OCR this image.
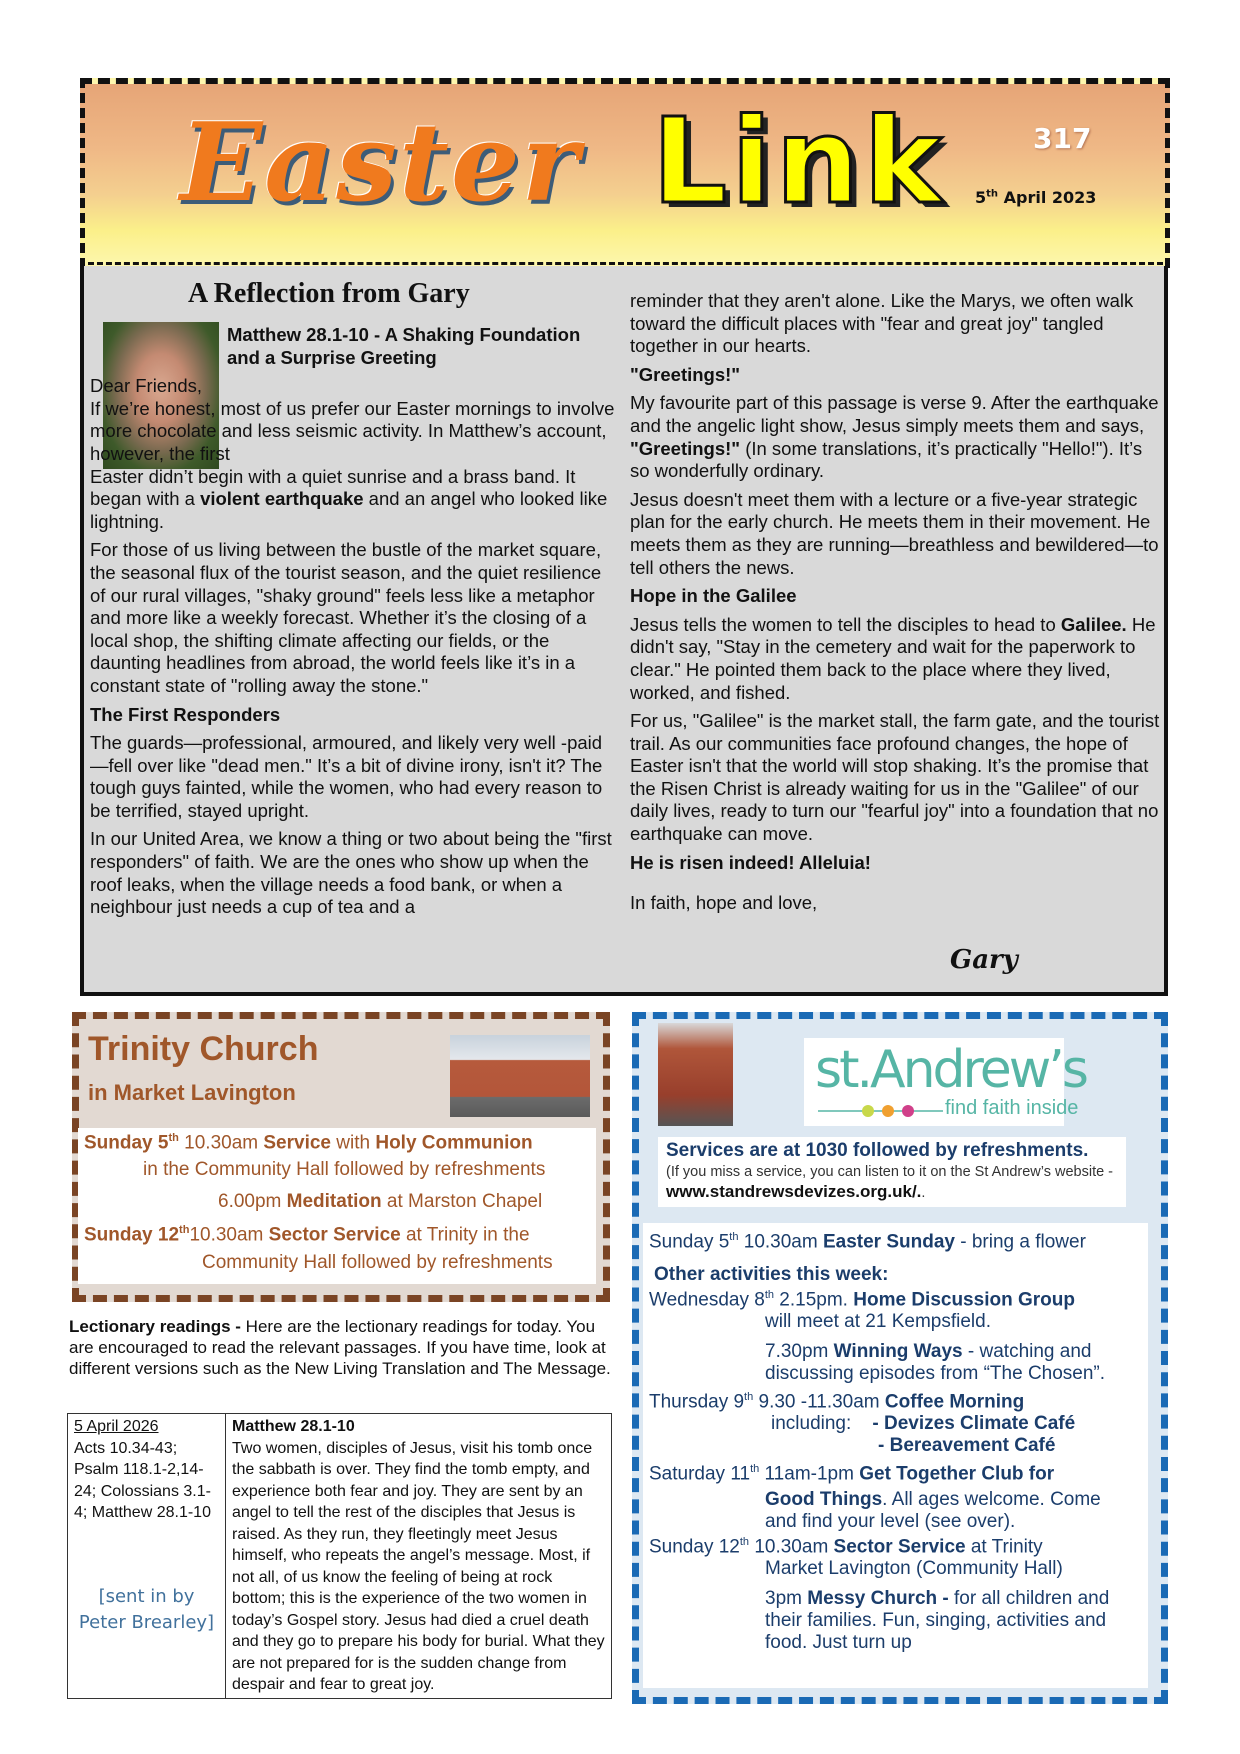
Easter Link	317
5th April 2023
A Reflection from Gary

Matthew 28.1-10 - A Shaking Foundation and a Surprise Greeting

Dear Friends,

If we’re honest, most of us prefer our Easter mornings to involve more chocolate and less seismic activity. In Matthew’s account, however, the first

Easter didn’t begin with a quiet sunrise and a brass band. It began with a violent earthquake and an angel who looked like lightning.

For those of us living between the bustle of the market square, the seasonal flux of the tourist season, and the quiet resilience of our rural villages, "shaky ground" feels less like a metaphor and more like a weekly forecast. Whether it’s the closing of a local shop, the shifting climate affecting our fields, or the daunting headlines from abroad, the world feels like it’s in a constant state of "rolling away the stone."

The First Responders

The guards—professional, armoured, and likely very well -paid—fell over like "dead men." It’s a bit of divine irony, isn't it? The tough guys fainted, while the women, who had every reason to be terrified, stayed upright.

In our United Area, we know a thing or two about being the "first responders" of faith. We are the ones who show up when the roof leaks, when the village needs a food bank, or when a neighbour just needs a cup of tea and a

reminder that they aren't alone. Like the Marys, we often walk toward the difficult places with "fear and great joy" tangled together in our hearts.

"Greetings!"

My favourite part of this passage is verse 9. After the earthquake and the angelic light show, Jesus simply meets them and says, "Greetings!" (In some translations, it’s practically "Hello!"). It’s so wonderfully ordinary.

Jesus doesn't meet them with a lecture or a five-year strategic plan for the early church. He meets them in their movement. He meets them as they are running—breathless and bewildered—to tell others the news.

Hope in the Galilee

Jesus tells the women to tell the disciples to head to Galilee. He didn't say, "Stay in the cemetery and wait for the paperwork to clear." He pointed them back to the place where they lived, worked, and fished.

For us, "Galilee" is the market stall, the farm gate, and the tourist trail. As our communities face profound changes, the hope of Easter isn't that the world will stop shaking. It’s the promise that the Risen Christ is already waiting for us in the "Galilee" of our daily lives, ready to turn our "fearful joy" into a foundation that no earthquake can move.

He is risen indeed! Alleluia!

In faith, hope and love,

Gary
Trinity Church
in Market Lavington
Sunday 5th 10.30am Service with Holy Communion
in the Community Hall followed by refreshments
6.00pm Meditation at Marston Chapel
Sunday 12th10.30am Sector Service at Trinity in the
Community Hall followed by refreshments
Lectionary readings - Here are the lectionary readings for today. You are encouraged to read the relevant passages. If you have time, look at different versions such as the New Living Translation and The Message.
5 April 2026
Acts 10.34-43; Psalm 118.1-2,14-24; Colossians 3.1-4; Matthew 28.1-10
[sent in by Peter Brearley]
	Matthew 28.1-10
Two women, disciples of Jesus, visit his tomb once the sabbath is over. They find the tomb empty, and experience both fear and joy. They are sent by an angel to tell the rest of the disciples that Jesus is raised. As they run, they fleetingly meet Jesus himself, who repeats the angel’s message. Most, if not all, of us know the feeling of being at rock bottom; this is the experience of the two women in today’s Gospel story. Jesus had died a cruel death and they go to prepare his body for burial. What they are not prepared for is the sudden change from despair and fear to great joy.
st.Andrew’s
find faith inside
Services are at 1030 followed by refreshments.
(If you miss a service, you can listen to it on the St Andrew’s website - www.standrewsdevizes.org.uk/..
Sunday 5th 10.30am Easter Sunday - bring a flower
Other activities this week:
Wednesday 8th 2.15pm. Home Discussion Group
will meet at 21 Kempsfield.
7.30pm Winning Ways - watching and
discussing episodes from “The Chosen”.
Thursday 9th 9.30 -11.30am Coffee Morning
including: - Devizes Climate Café
- Bereavement Café
Saturday 11th 11am-1pm Get Together Club for
Good Things. All ages welcome. Come
and find your level (see over).
Sunday 12th 10.30am Sector Service at Trinity
Market Lavington (Community Hall)
3pm Messy Church - for all children and
their families. Fun, singing, activities and
food. Just turn up
